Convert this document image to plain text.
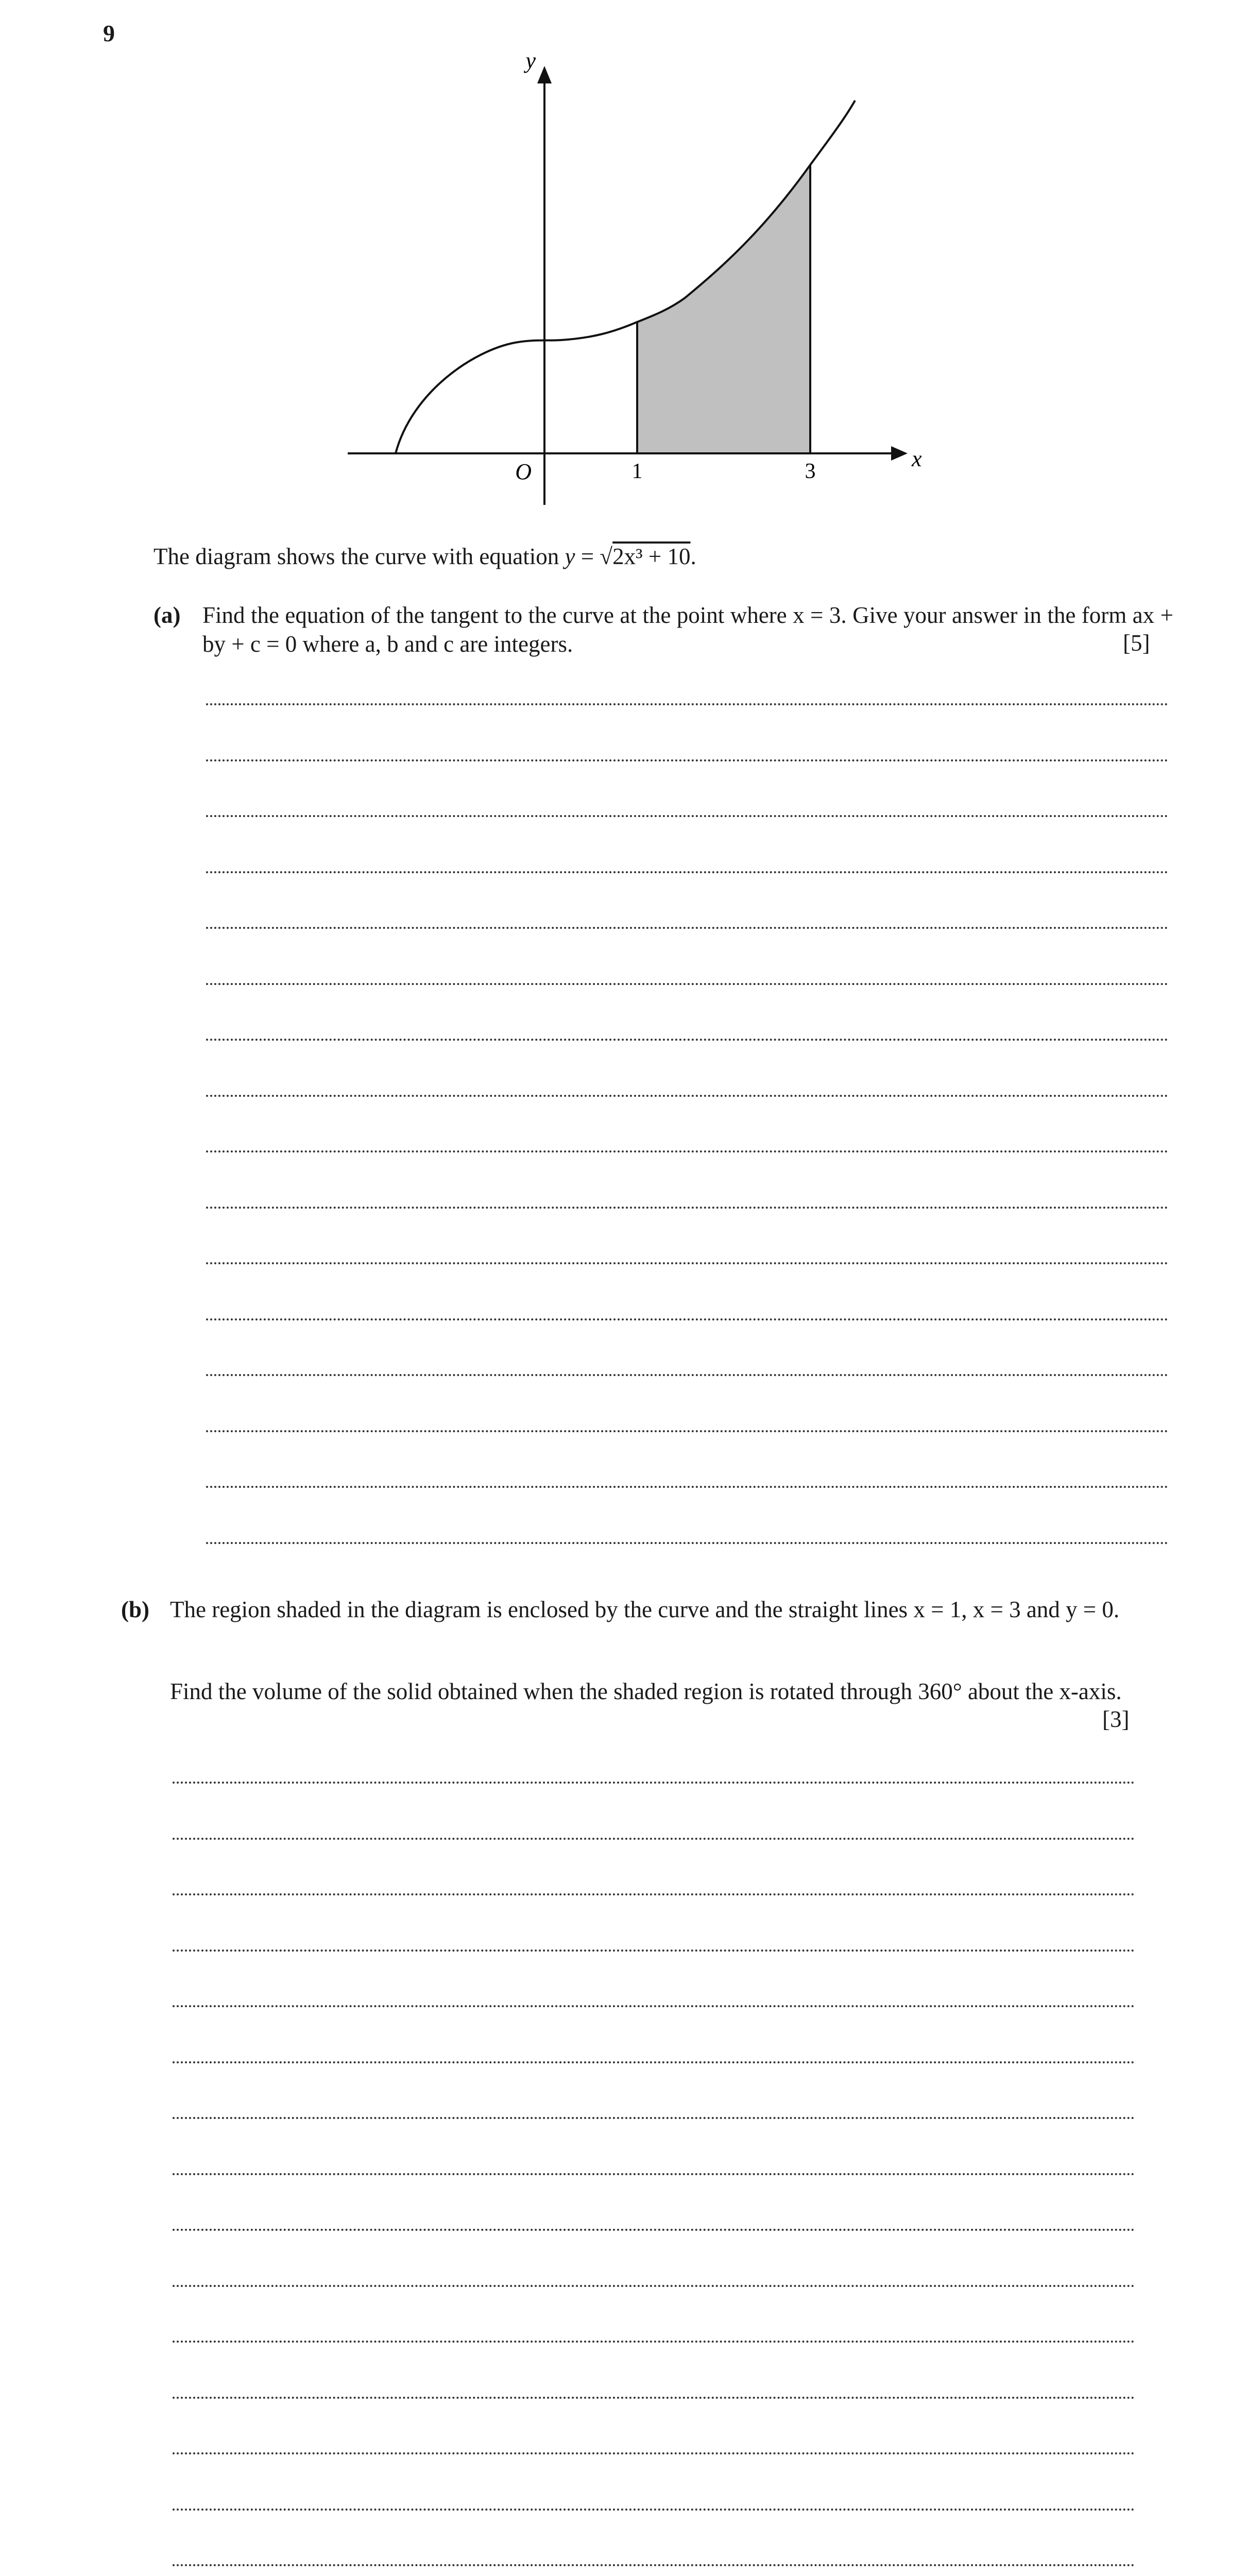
9
y
x
O	1	3
The diagram shows the curve with equation y = √2x³ + 10.
(a) Find the equation of the tangent to the curve at the point where x = 3. Give your answer in the form ax + by + c = 0 where a, b and c are integers.	[5]
(b) The region shaded in the diagram is enclosed by the curve and the straight lines x = 1, x = 3 and y = 0.
Find the volume of the solid obtained when the shaded region is rotated through 360° about the x-axis.
[3]
